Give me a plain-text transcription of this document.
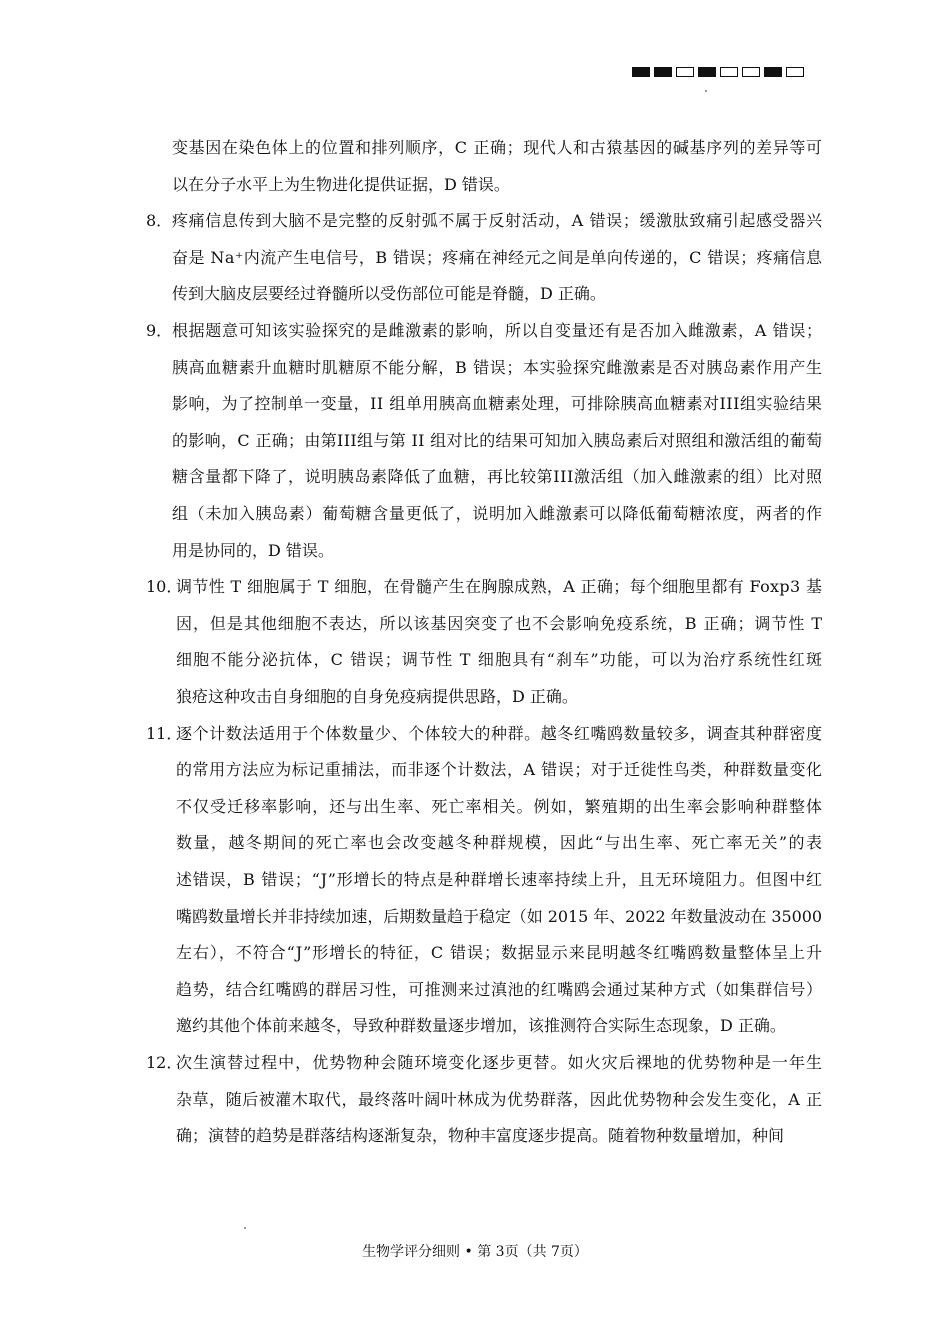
变基因在染色体上的位置和排列顺序，C 正确；现代人和古猿基因的碱基序列的差异等可
以在分子水平上为生物进化提供证据，D 错误。
8． 疼痛信息传到大脑不是完整的反射弧不属于反射活动，A 错误；缓激肽致痛引起感受器兴
奋是 Na⁺内流产生电信号，B 错误；疼痛在神经元之间是单向传递的，C 错误；疼痛信息
传到大脑皮层要经过脊髓所以受伤部位可能是脊髓，D 正确。
9． 根据题意可知该实验探究的是雌激素的影响，所以自变量还有是否加入雌激素，A 错误；
胰高血糖素升血糖时肌糖原不能分解，B 错误；本实验探究雌激素是否对胰岛素作用产生
影响，为了控制单一变量，II 组单用胰高血糖素处理，可排除胰高血糖素对III组实验结果
的影响，C 正确；由第III组与第 II 组对比的结果可知加入胰岛素后对照组和激活组的葡萄
糖含量都下降了，说明胰岛素降低了血糖，再比较第III激活组（加入雌激素的组）比对照
组（未加入胰岛素）葡萄糖含量更低了，说明加入雌激素可以降低葡萄糖浓度，两者的作
用是协同的，D 错误。
10．
调节性 T 细胞属于 T 细胞，在骨髓产生在胸腺成熟，A 正确；每个细胞里都有 Foxp3 基
因，但是其他细胞不表达，所以该基因突变了也不会影响免疫系统，B 正确；调节性 T
细胞不能分泌抗体，C 错误；调节性 T 细胞具有“刹车”功能，可以为治疗系统性红斑
狼疮这种攻击自身细胞的自身免疫病提供思路，D 正确。
11．
逐个计数法适用于个体数量少、个体较大的种群。越冬红嘴鸥数量较多，调查其种群密度
的常用方法应为标记重捕法，而非逐个计数法，A 错误；对于迁徙性鸟类，种群数量变化
不仅受迁移率影响，还与出生率、死亡率相关。例如，繁殖期的出生率会影响种群整体
数量，越冬期间的死亡率也会改变越冬种群规模，因此“与出生率、死亡率无关”的表
述错误，B 错误；“J”形增长的特点是种群增长速率持续上升，且无环境阻力。但图中红
嘴鸥数量增长并非持续加速，后期数量趋于稳定（如 2015 年、2022 年数量波动在 35000
左右），不符合“J”形增长的特征，C 错误；数据显示来昆明越冬红嘴鸥数量整体呈上升
趋势，结合红嘴鸥的群居习性，可推测来过滇池的红嘴鸥会通过某种方式（如集群信号）
邀约其他个体前来越冬，导致种群数量逐步增加，该推测符合实际生态现象，D 正确。
12．
次生演替过程中，优势物种会随环境变化逐步更替。如火灾后裸地的优势物种是一年生
杂草，随后被灌木取代，最终落叶阔叶林成为优势群落，因此优势物种会发生变化，A 正
确；演替的趋势是群落结构逐渐复杂，物种丰富度逐步提高。随着物种数量增加，种间
生物学评分细则 • 第 3页（共 7页）
